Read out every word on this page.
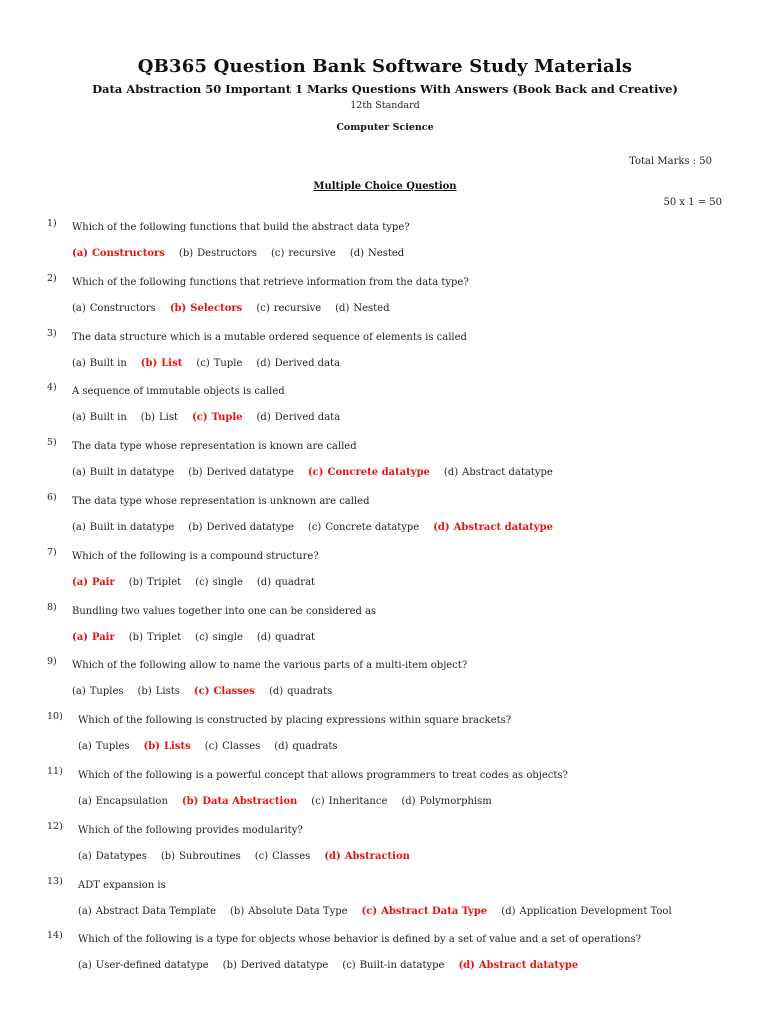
QB365 Question Bank Software Study Materials
Data Abstraction 50 Important 1 Marks Questions With Answers (Book Back and Creative)
12th Standard
Computer Science
Total Marks : 50
Multiple Choice Question
50 x 1 = 50
1) Which of the following functions that build the abstract data type?
(a) Constructors (b) Destructors (c) recursive (d) Nested
2) Which of the following functions that retrieve information from the data type?
(a) Constructors (b) Selectors (c) recursive (d) Nested
3) The data structure which is a mutable ordered sequence of elements is called
(a) Built in (b) List (c) Tuple (d) Derived data
4) A sequence of immutable objects is called
(a) Built in (b) List (c) Tuple (d) Derived data
5) The data type whose representation is known are called
(a) Built in datatype (b) Derived datatype (c) Concrete datatype (d) Abstract datatype
6) The data type whose representation is unknown are called
(a) Built in datatype (b) Derived datatype (c) Concrete datatype (d) Abstract datatype
7) Which of the following is a compound structure?
(a) Pair (b) Triplet (c) single (d) quadrat
8) Bundling two values together into one can be considered as
(a) Pair (b) Triplet (c) single (d) quadrat
9) Which of the following allow to name the various parts of a multi-item object?
(a) Tuples (b) Lists (c) Classes (d) quadrats
10) Which of the following is constructed by placing expressions within square brackets?
(a) Tuples (b) Lists (c) Classes (d) quadrats
11) Which of the following is a powerful concept that allows programmers to treat codes as objects?
(a) Encapsulation (b) Data Abstraction (c) Inheritance (d) Polymorphism
12) Which of the following provides modularity?
(a) Datatypes (b) Subroutines (c) Classes (d) Abstraction
13) ADT expansion is
(a) Abstract Data Template (b) Absolute Data Type (c) Abstract Data Type (d) Application Development Tool
14) Which of the following is a type for objects whose behavior is defined by a set of value and a set of operations?
(a) User-defined datatype (b) Derived datatype (c) Built-in datatype (d) Abstract datatype
